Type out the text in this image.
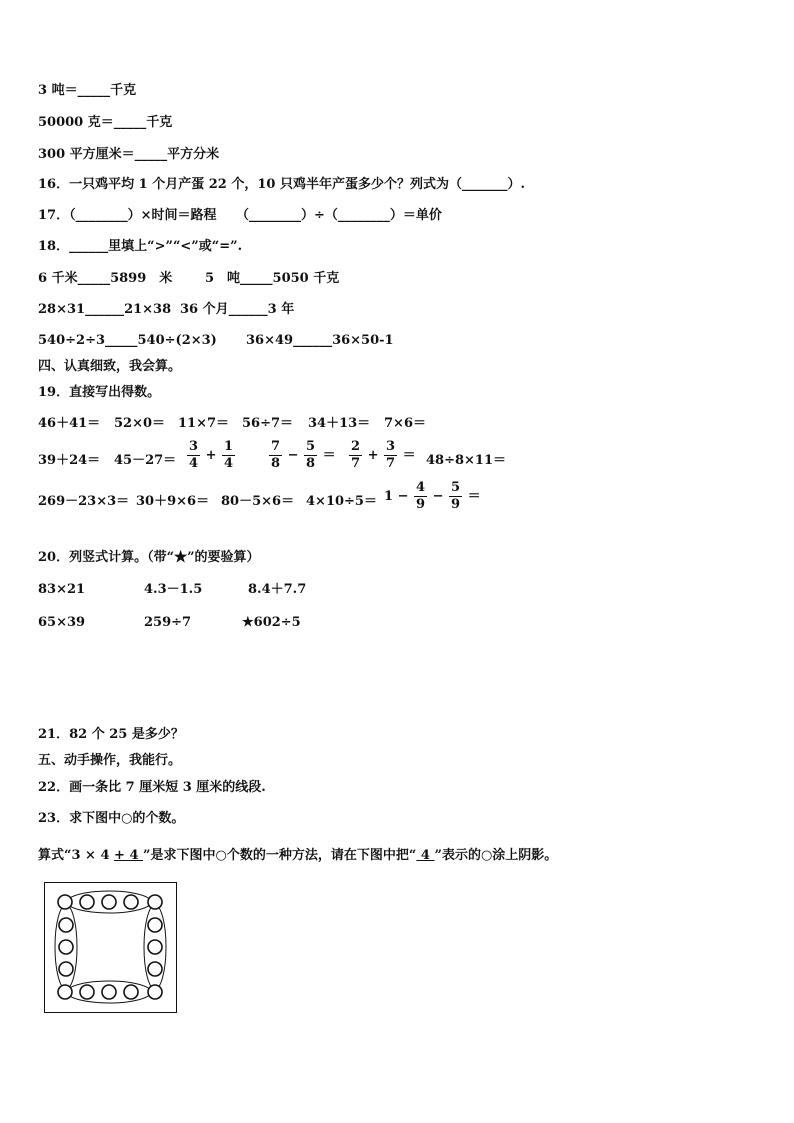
3 吨＝_____千克
50000 克＝_____千克
300 平方厘米＝_____平方分米
16．一只鸡平均 1 个月产蛋 22 个，10 只鸡半年产蛋多少个？列式为（_______）.
17．（________）×时间＝路程　　（________）÷（________）＝单价
18．______里填上“>”“<”或“=”.
6 千米_____5899　米	5　吨_____5050 千克
28×31______21×38 36 个月______3 年
540÷2÷3_____540÷(2×3) 36×49______36×50-1
四、认真细致，我会算。
19．直接写出得数。
46＋41＝ 52×0＝ 11×7＝ 56÷7＝ 34＋13＝ 7×6＝
$39+24= 45-27= \frac{3}{4} + \frac{1}{4}$	$\frac{7}{8} - \frac{5}{8} = \frac{2}{7} + \frac{3}{7} = 48\div 8\times 11=$
$269-23\times 3= 30+9\times 6= 80-5\times 6= 4\times 10\div 5= 1 - \frac{4}{9} - \frac{5}{9}$ ＝
20．列竖式计算。（带“★”的要验算）
83×21	4.3－1.5	8.4＋7.7
65×39	259÷7	★602÷5
21．82 个 25 是多少？
五、动手操作，我能行。
22．画一条比 7 厘米短 3 厘米的线段.
23．求下图中○的个数。
算式“3 × 4 + 4 ”是求下图中○个数的一种方法，请在下图中把“ 4 ”表示的○涂上阴影。
